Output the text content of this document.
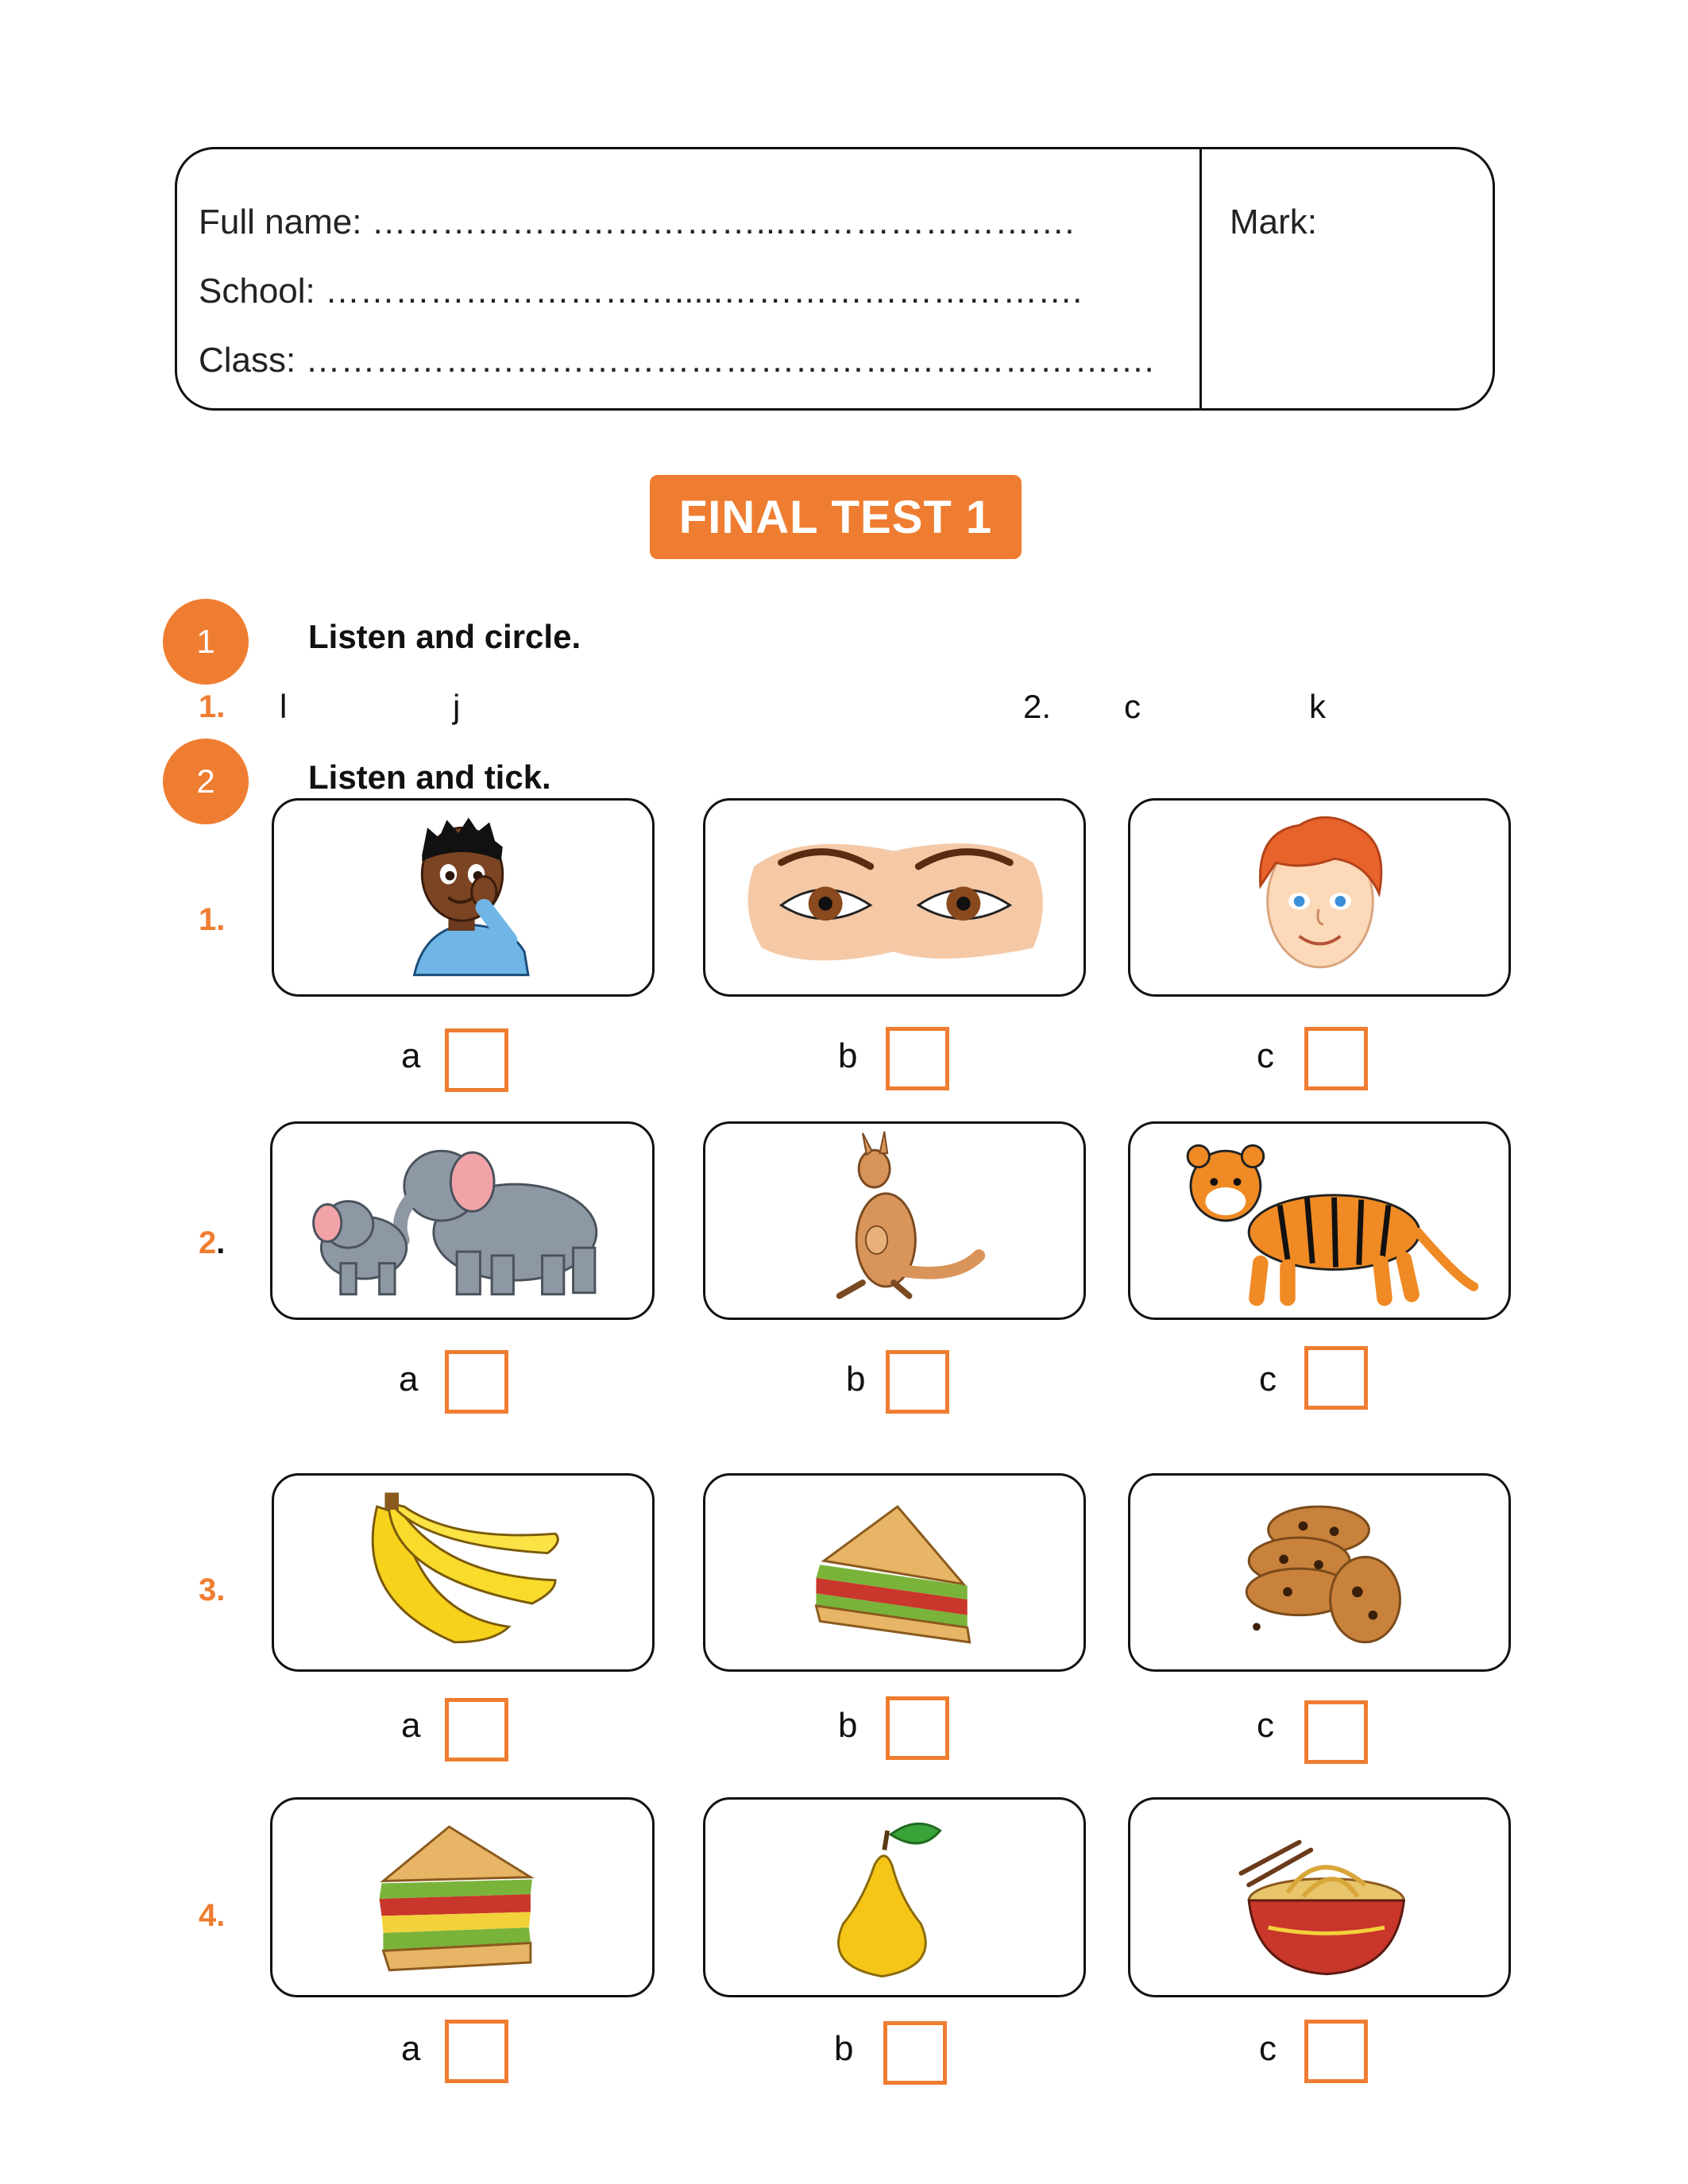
Full name: ……………………………...…………………….
School: ………………………….....………………………….
Class: ……………………………………………………………….
Mark:
FINAL TEST 1
1	Listen and circle.
1. l	j	2. c	k
2	Listen and tick.
1.
a	b	c
2.
a	b	c
3.
a	b	c
4.
a	b	c
